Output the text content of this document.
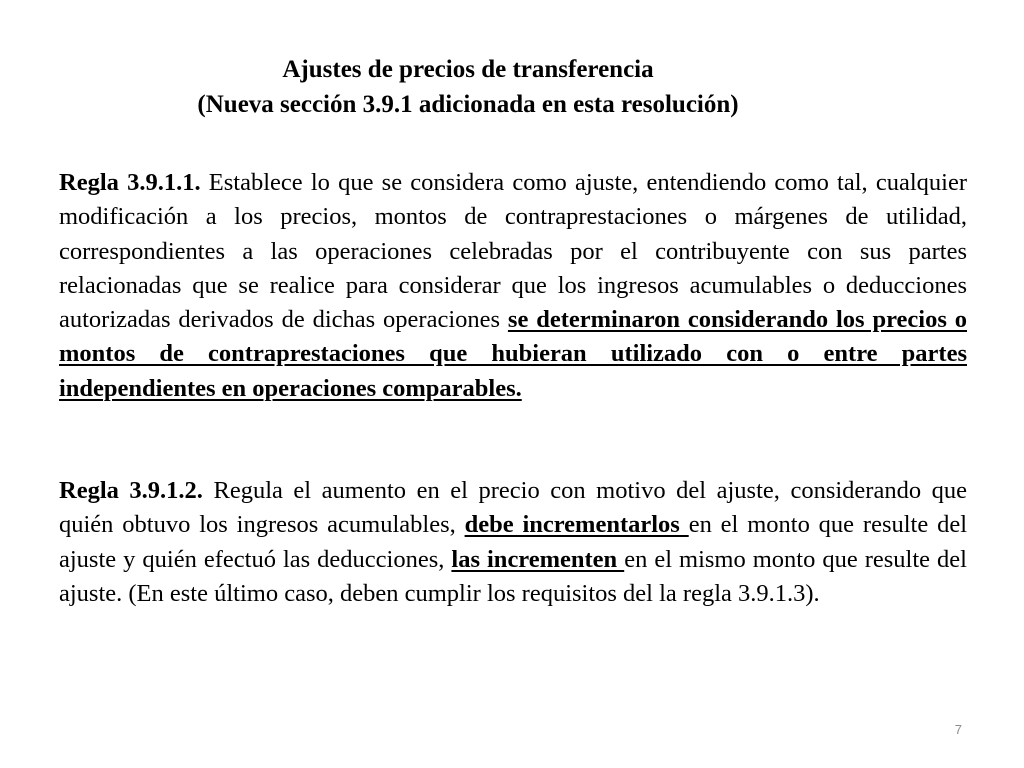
Ajustes de precios de transferencia
(Nueva sección 3.9.1 adicionada en esta resolución)
Regla 3.9.1.1. Establece lo que se considera como ajuste, entendiendo como tal, cualquier modificación a los precios, montos de contraprestaciones o márgenes de utilidad, correspondientes a las operaciones celebradas por el contribuyente con sus partes relacionadas que se realice para considerar que los ingresos acumulables o deducciones autorizadas derivados de dichas operaciones se determinaron considerando los precios o montos de contraprestaciones que hubieran utilizado con o entre partes independientes en operaciones comparables.
Regla 3.9.1.2. Regula el aumento en el precio con motivo del ajuste, considerando que quién obtuvo los ingresos acumulables, debe incrementarlos en el monto que resulte del ajuste y quién efectuó las deducciones, las incrementen en el mismo monto que resulte del ajuste. (En este último caso, deben cumplir los requisitos del la regla 3.9.1.3).
7
